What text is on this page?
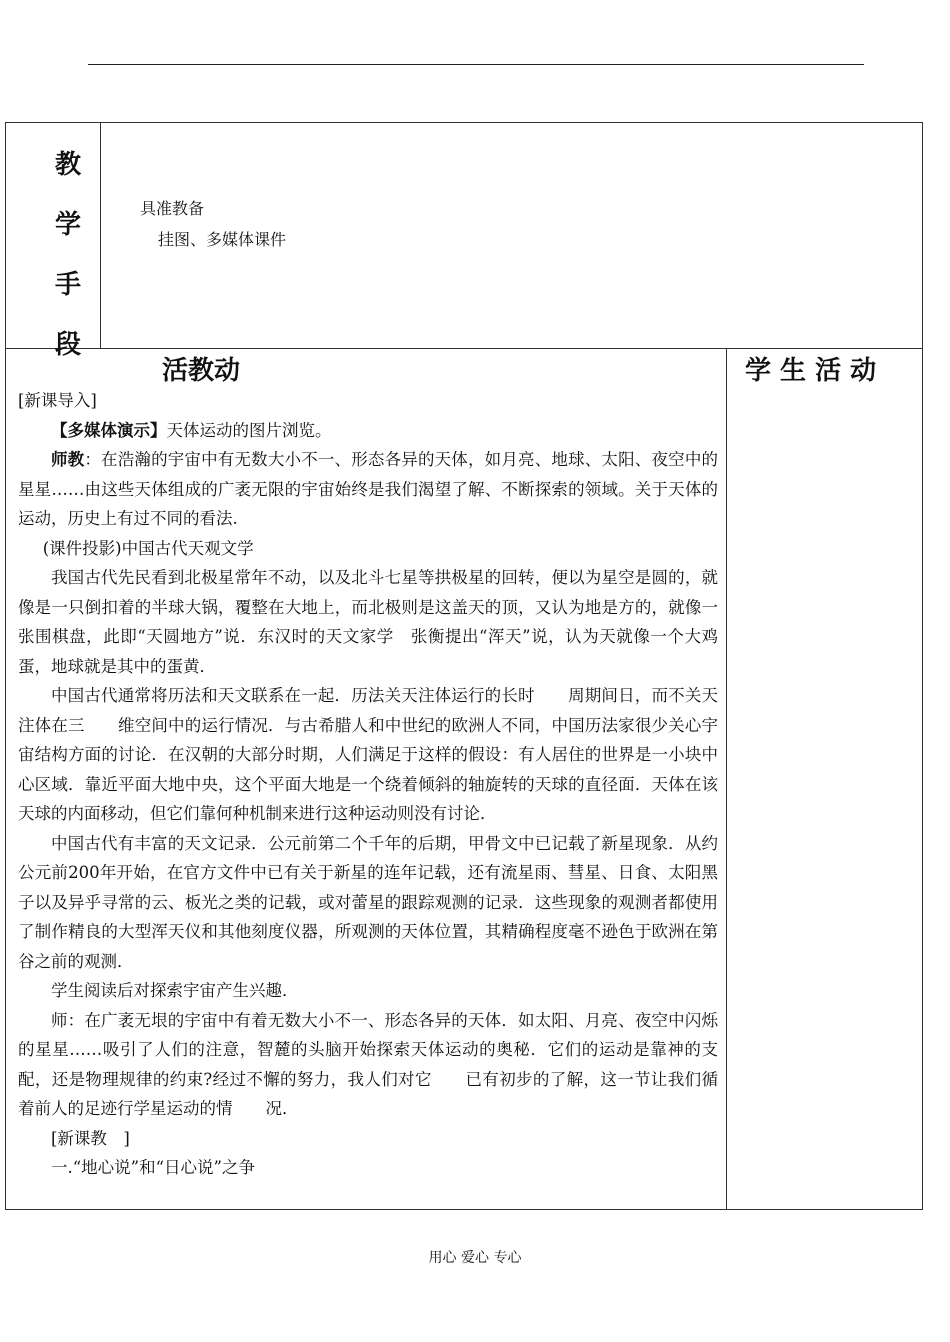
教
学
手
段
具准教备
挂图、多媒体课件
活教动	学 生 活 动

[新课导入]

【多媒体演示】天体运动的图片浏览。

师教：在浩瀚的宇宙中有无数大小不一、形态各异的天体，如月亮、地球、太阳、夜空中的星星……由这些天体组成的广袤无限的宇宙始终是我们渴望了解、不断探索的领域。关于天体的运动，历史上有过不同的看法.

(课件投影)中国古代天观文学

我国古代先民看到北极星常年不动，以及北斗七星等拱极星的回转，便以为星空是圆的，就像是一只倒扣着的半球大锅，覆整在大地上，而北极则是这盖天的顶，又认为地是方的，就像一张围棋盘，此即“天圆地方”说．东汉时的天文家学　张衡提出“浑天”说，认为天就像一个大鸡蛋，地球就是其中的蛋黄．

中国古代通常将历法和天文联系在一起．历法关天注体运行的长时　　周期间日，而不关天注体在三　　维空间中的运行情况．与古希腊人和中世纪的欧洲人不同，中国历法家很少关心宇宙结构方面的讨论．在汉朝的大部分时期，人们满足于这样的假设：有人居住的世界是一小块中心区域．靠近平面大地中央，这个平面大地是一个绕着倾斜的轴旋转的天球的直径面．天体在该天球的内面移动，但它们靠何种机制来进行这种运动则没有讨论．

中国古代有丰富的天文记录．公元前第二个千年的后期，甲骨文中已记载了新星现象．从约公元前200年开始，在官方文件中已有关于新星的连年记载，还有流星雨、彗星、日食、太阳黑子以及异乎寻常的云、板光之类的记载，或对蕾星的跟踪观测的记录．这些现象的观测者都使用了制作精良的大型浑天仪和其他刻度仪器，所观测的天体位置，其精确程度毫不逊色于欧洲在第谷之前的观测．

学生阅读后对探索宇宙产生兴趣．

师：在广袤无垠的宇宙中有着无数大小不一、形态各异的天体．如太阳、月亮、夜空中闪烁的星星……吸引了人们的注意，智麓的头脑开始探索天体运动的奥秘．它们的运动是靠神的支配，还是物理规律的约束?经过不懈的努力，我人们对它　　已有初步的了解，这一节让我们循着前人的足迹行学星运动的情　　况．

[新课教　]

一.“地心说”和“日心说”之争

用心 爱心 专心
